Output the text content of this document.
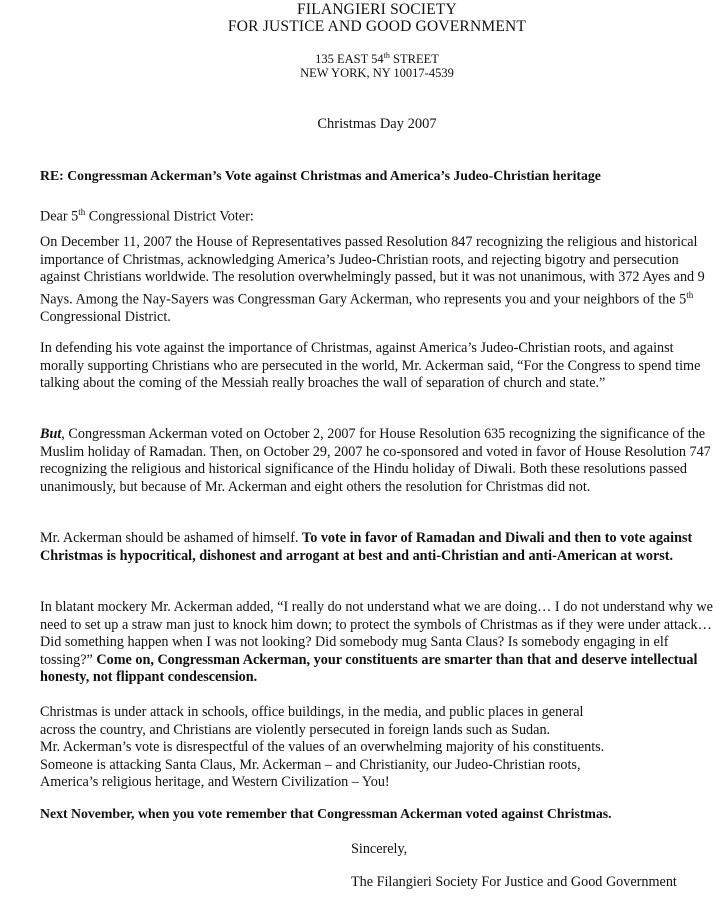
FILANGIERI SOCIETY

FOR JUSTICE AND GOOD GOVERNMENT

135 EAST 54th STREET

NEW YORK, NY 10017-4539

Christmas Day 2007

RE: Congressman Ackerman’s Vote against Christmas and America’s Judeo-Christian heritage

Dear 5th Congressional District Voter:

On December 11, 2007 the House of Representatives passed Resolution 847 recognizing the religious and historical importance of Christmas, acknowledging America’s Judeo-Christian roots, and rejecting bigotry and persecution against Christians worldwide. The resolution overwhelmingly passed, but it was not unanimous, with 372 Ayes and 9 Nays. Among the Nay-Sayers was Congressman Gary Ackerman, who represents you and your neighbors of the 5th Congressional District.

In defending his vote against the importance of Christmas, against America’s Judeo-Christian roots, and against morally supporting Christians who are persecuted in the world, Mr. Ackerman said, “For the Congress to spend time talking about the coming of the Messiah really broaches the wall of separation of church and state.”

But, Congressman Ackerman voted on October 2, 2007 for House Resolution 635 recognizing the significance of the Muslim holiday of Ramadan. Then, on October 29, 2007 he co-sponsored and voted in favor of House Resolution 747 recognizing the religious and historical significance of the Hindu holiday of Diwali. Both these resolutions passed unanimously, but because of Mr. Ackerman and eight others the resolution for Christmas did not.

Mr. Ackerman should be ashamed of himself. To vote in favor of Ramadan and Diwali and then to vote against Christmas is hypocritical, dishonest and arrogant at best and anti-Christian and anti-American at worst.

In blatant mockery Mr. Ackerman added, “I really do not understand what we are doing… I do not understand why we need to set up a straw man just to knock him down; to protect the symbols of Christmas as if they were under attack…Did something happen when I was not looking? Did somebody mug Santa Claus? Is somebody engaging in elf tossing?” Come on, Congressman Ackerman, your constituents are smarter than that and deserve intellectual honesty, not flippant condescension.

Christmas is under attack in schools, office buildings, in the media, and public places in general
across the country, and Christians are violently persecuted in foreign lands such as Sudan.
Mr. Ackerman’s vote is disrespectful of the values of an overwhelming majority of his constituents.
Someone is attacking Santa Claus, Mr. Ackerman – and Christianity, our Judeo-Christian roots,
America’s religious heritage, and Western Civilization – You!

Next November, when you vote remember that Congressman Ackerman voted against Christmas.

Sincerely,
The Filangieri Society For Justice and Good Government
